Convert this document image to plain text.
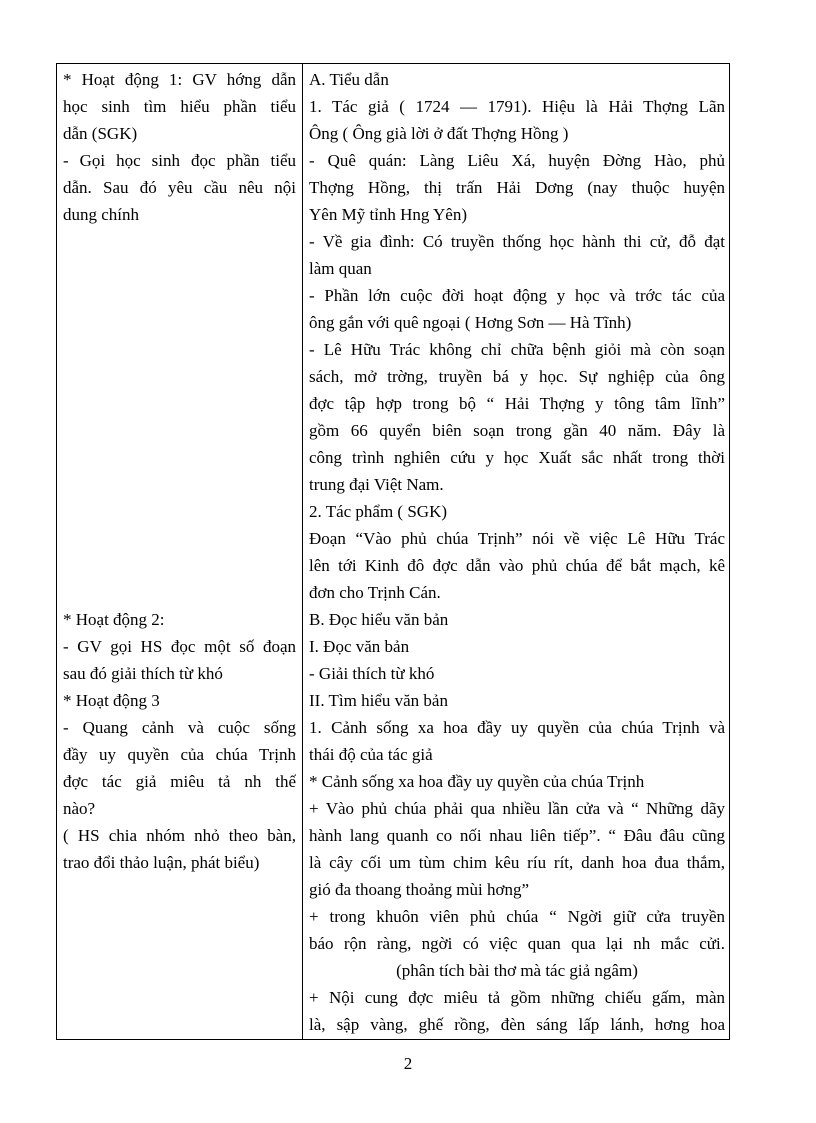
* Hoạt động 1: GV hớng dẫn
học sinh tìm hiểu phần tiểu
dẫn (SGK)
- Gọi học sinh đọc phần tiểu
dẫn. Sau đó yêu cầu nêu nội
dung chính
* Hoạt động 2:
- GV gọi HS đọc một số đoạn
sau đó giải thích từ khó
* Hoạt động 3
- Quang cảnh và cuộc sống
đầy uy quyền của chúa Trịnh
đợc tác giả miêu tả nh thế
nào?
( HS chia nhóm nhỏ theo bàn,
trao đổi thảo luận, phát biểu)
A. Tiểu dẫn
1. Tác giả ( 1724 — 1791). Hiệu là Hải Thợng Lãn
Ông ( Ông già lời ở đất Thợng Hồng )
- Quê quán: Làng Liêu Xá, huyện Đờng Hào, phủ
Thợng Hồng, thị trấn Hải Dơng (nay thuộc huyện
Yên Mỹ tỉnh Hng Yên)
- Về gia đình: Có truyền thống học hành thi cử, đỗ đạt
làm quan
- Phần lớn cuộc đời hoạt động y học và trớc tác của
ông gắn với quê ngoại ( Hơng Sơn — Hà Tĩnh)
- Lê Hữu Trác không chỉ chữa bệnh giỏi mà còn soạn
sách, mở trờng, truyền bá y học. Sự nghiệp của ông
đợc tập hợp trong bộ “ Hải Thợng y tông tâm lĩnh”
gồm 66 quyển biên soạn trong gần 40 năm. Đây là
công trình nghiên cứu y học Xuất sắc nhất trong thời
trung đại Việt Nam.
2. Tác phẩm ( SGK)
Đoạn “Vào phủ chúa Trịnh” nói về việc Lê Hữu Trác
lên tới Kinh đô đợc dẫn vào phủ chúa để bắt mạch, kê
đơn cho Trịnh Cán.
B. Đọc hiểu văn bản
I. Đọc văn bản
- Giải thích từ khó
II. Tìm hiểu văn bản
1. Cảnh sống xa hoa đầy uy quyền của chúa Trịnh và
thái độ của tác giả
* Cảnh sống xa hoa đầy uy quyền của chúa Trịnh
+ Vào phủ chúa phải qua nhiều lần cửa và “ Những dãy
hành lang quanh co nối nhau liên tiếp”. “ Đâu đâu cũng
là cây cối um tùm chim kêu ríu rít, danh hoa đua thắm,
gió đa thoang thoảng mùi hơng”
+ trong khuôn viên phủ chúa “ Ngời giữ cửa truyền
báo rộn ràng, ngời có việc quan qua lại nh mắc cửi.
(phân tích bài thơ mà tác giả ngâm)
+ Nội cung đợc miêu tả gồm những chiếu gấm, màn
là, sập vàng, ghế rồng, đèn sáng lấp lánh, hơng hoa
2
